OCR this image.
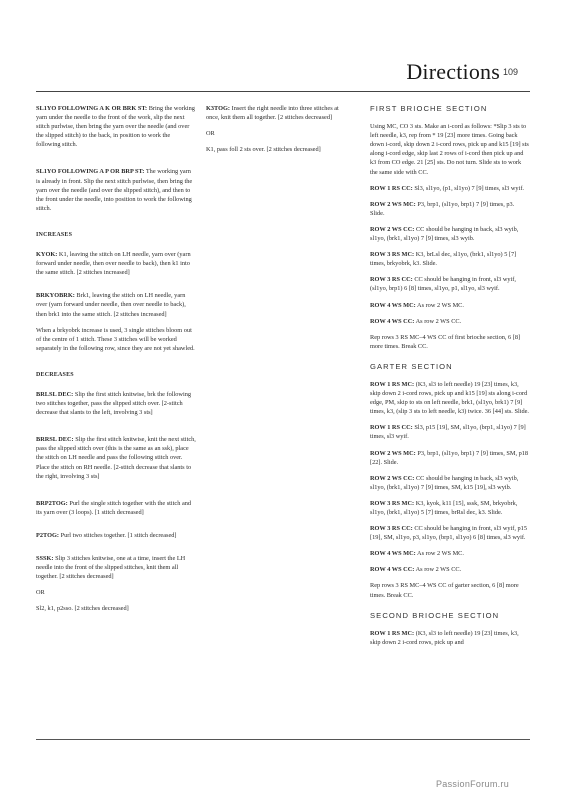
Directions 109

SL1YO FOLLOWING A K OR BRK ST: Bring the working yarn under the needle to the front of the work, slip the next stitch purlwise, then bring the yarn over the needle (and over the slipped stitch) to the back, in position to work the following stitch.

SL1YO FOLLOWING A P OR BRP ST: The working yarn is already in front. Slip the next stitch purlwise, then bring the yarn over the needle (and over the slipped stitch), and then to the front under the needle, into position to work the following stitch.

INCREASES

KYOK: K1, leaving the stitch on LH needle, yarn over (yarn forward under needle, then over needle to back), then k1 into the same stitch. [2 stitches increased]

BRKYOBRK: Brk1, leaving the stitch on LH needle, yarn over (yarn forward under needle, then over needle to back), then brk1 into the same stitch. [2 stitches increased]

When a brkyobrk increase is used, 3 single stitches bloom out of the centre of 1 stitch. These 3 stitches will be worked separately in the following row, since they are not yet shawled.

DECREASES

BRLSL DEC: Slip the first stitch knitwise, brk the following two stitches together, pass the slipped stitch over. [2-stitch decrease that slants to the left, involving 3 sts]

BRRSL DEC: Slip the first stitch knitwise, knit the next stitch, pass the slipped stitch over (this is the same as an ssk), place the stitch on LH needle and pass the following stitch over. Place the stitch on RH needle. [2-stitch decrease that slants to the right, involving 3 sts]

BRP2TOG: Purl the single stitch together with the stitch and its yarn over (3 loops). [1 stitch decreased]

P2TOG: Purl two stitches together. [1 stitch decreased]

SSSK: Slip 3 stitches knitwise, one at a time, insert the LH needle into the front of the slipped stitches, knit them all together. [2 stitches decreased]

OR

Sl2, k1, p2sso. [2 stitches decreased]

K3TOG: Insert the right needle into three stitches at once, knit them all together. [2 stitches decreased]

OR

K1, pass foll 2 sts over. [2 stitches decreased]

FIRST BRIOCHE SECTION

Using MC, CO 3 sts. Make an i-cord as follows: *Slip 3 sts to left needle, k3, rep from * 19 [23] more times. Going back down i-cord, skip down 2 i-cord rows, pick up and k15 [19] sts along i-cord edge, skip last 2 rows of i-cord then pick up and k3 from CO edge. 21 [25] sts. Do not turn. Slide sts to work the same side with CC.

ROW 1 RS CC: Sl3, sl1yo, (p1, sl1yo) 7 [9] times, sl3 wyif.

ROW 2 WS MC: P3, brp1, (sl1yo, brp1) 7 [9] times, p3. Slide.

ROW 2 WS CC: CC should be hanging in back, sl3 wyib, sl1yo, (brk1, sl1yo) 7 [9] times, sl3 wyib.

ROW 3 RS MC: K3, brLsl dec, sl1yo, (brk1, sl1yo) 5 [7] times, brkyobrk, k3. Slide.

ROW 3 RS CC: CC should be hanging in front, sl3 wyif, (sl1yo, brp1) 6 [8] times, sl1yo, p1, sl1yo, sl3 wyif.

ROW 4 WS MC: As row 2 WS MC.

ROW 4 WS CC: As row 2 WS CC.

Rep rows 3 RS MC–4 WS CC of first brioche section, 6 [8] more times. Break CC.

GARTER SECTION

ROW 1 RS MC: (K3, sl3 to left needle) 19 [23] times, k3, skip down 2 i-cord rows, pick up and k15 [19] sts along i-cord edge, PM, skip to sts on left needle, brk1, (sl1yo, brk1) 7 [9] times, k3, (slip 3 sts to left needle, k3) twice. 36 [44] sts. Slide.

ROW 1 RS CC: Sl3, p15 [19], SM, sl1yo, (brp1, sl1yo) 7 [9] times, sl3 wyif.

ROW 2 WS MC: P3, brp1, (sl1yo, brp1) 7 [9] times, SM, p18 [22]. Slide.

ROW 2 WS CC: CC should be hanging in back, sl3 wyib, sl1yo, (brk1, sl1yo) 7 [9] times, SM, k15 [19], sl3 wyib.

ROW 3 RS MC: K3, kyok, k11 [15], sssk, SM, brkyobrk, sl1yo, (brk1, sl1yo) 5 [7] times, brRsl dec, k3. Slide.

ROW 3 RS CC: CC should be hanging in front, sl3 wyif, p15 [19], SM, sl1yo, p3, sl1yo, (brp1, sl1yo) 6 [8] times, sl3 wyif.

ROW 4 WS MC: As row 2 WS MC.

ROW 4 WS CC: As row 2 WS CC.

Rep rows 3 RS MC–4 WS CC of garter section, 6 [8] more times. Break CC.

SECOND BRIOCHE SECTION

ROW 1 RS MC: (K3, sl3 to left needle) 19 [23] times, k3, skip down 2 i-cord rows, pick up and

PassionForum.ru
